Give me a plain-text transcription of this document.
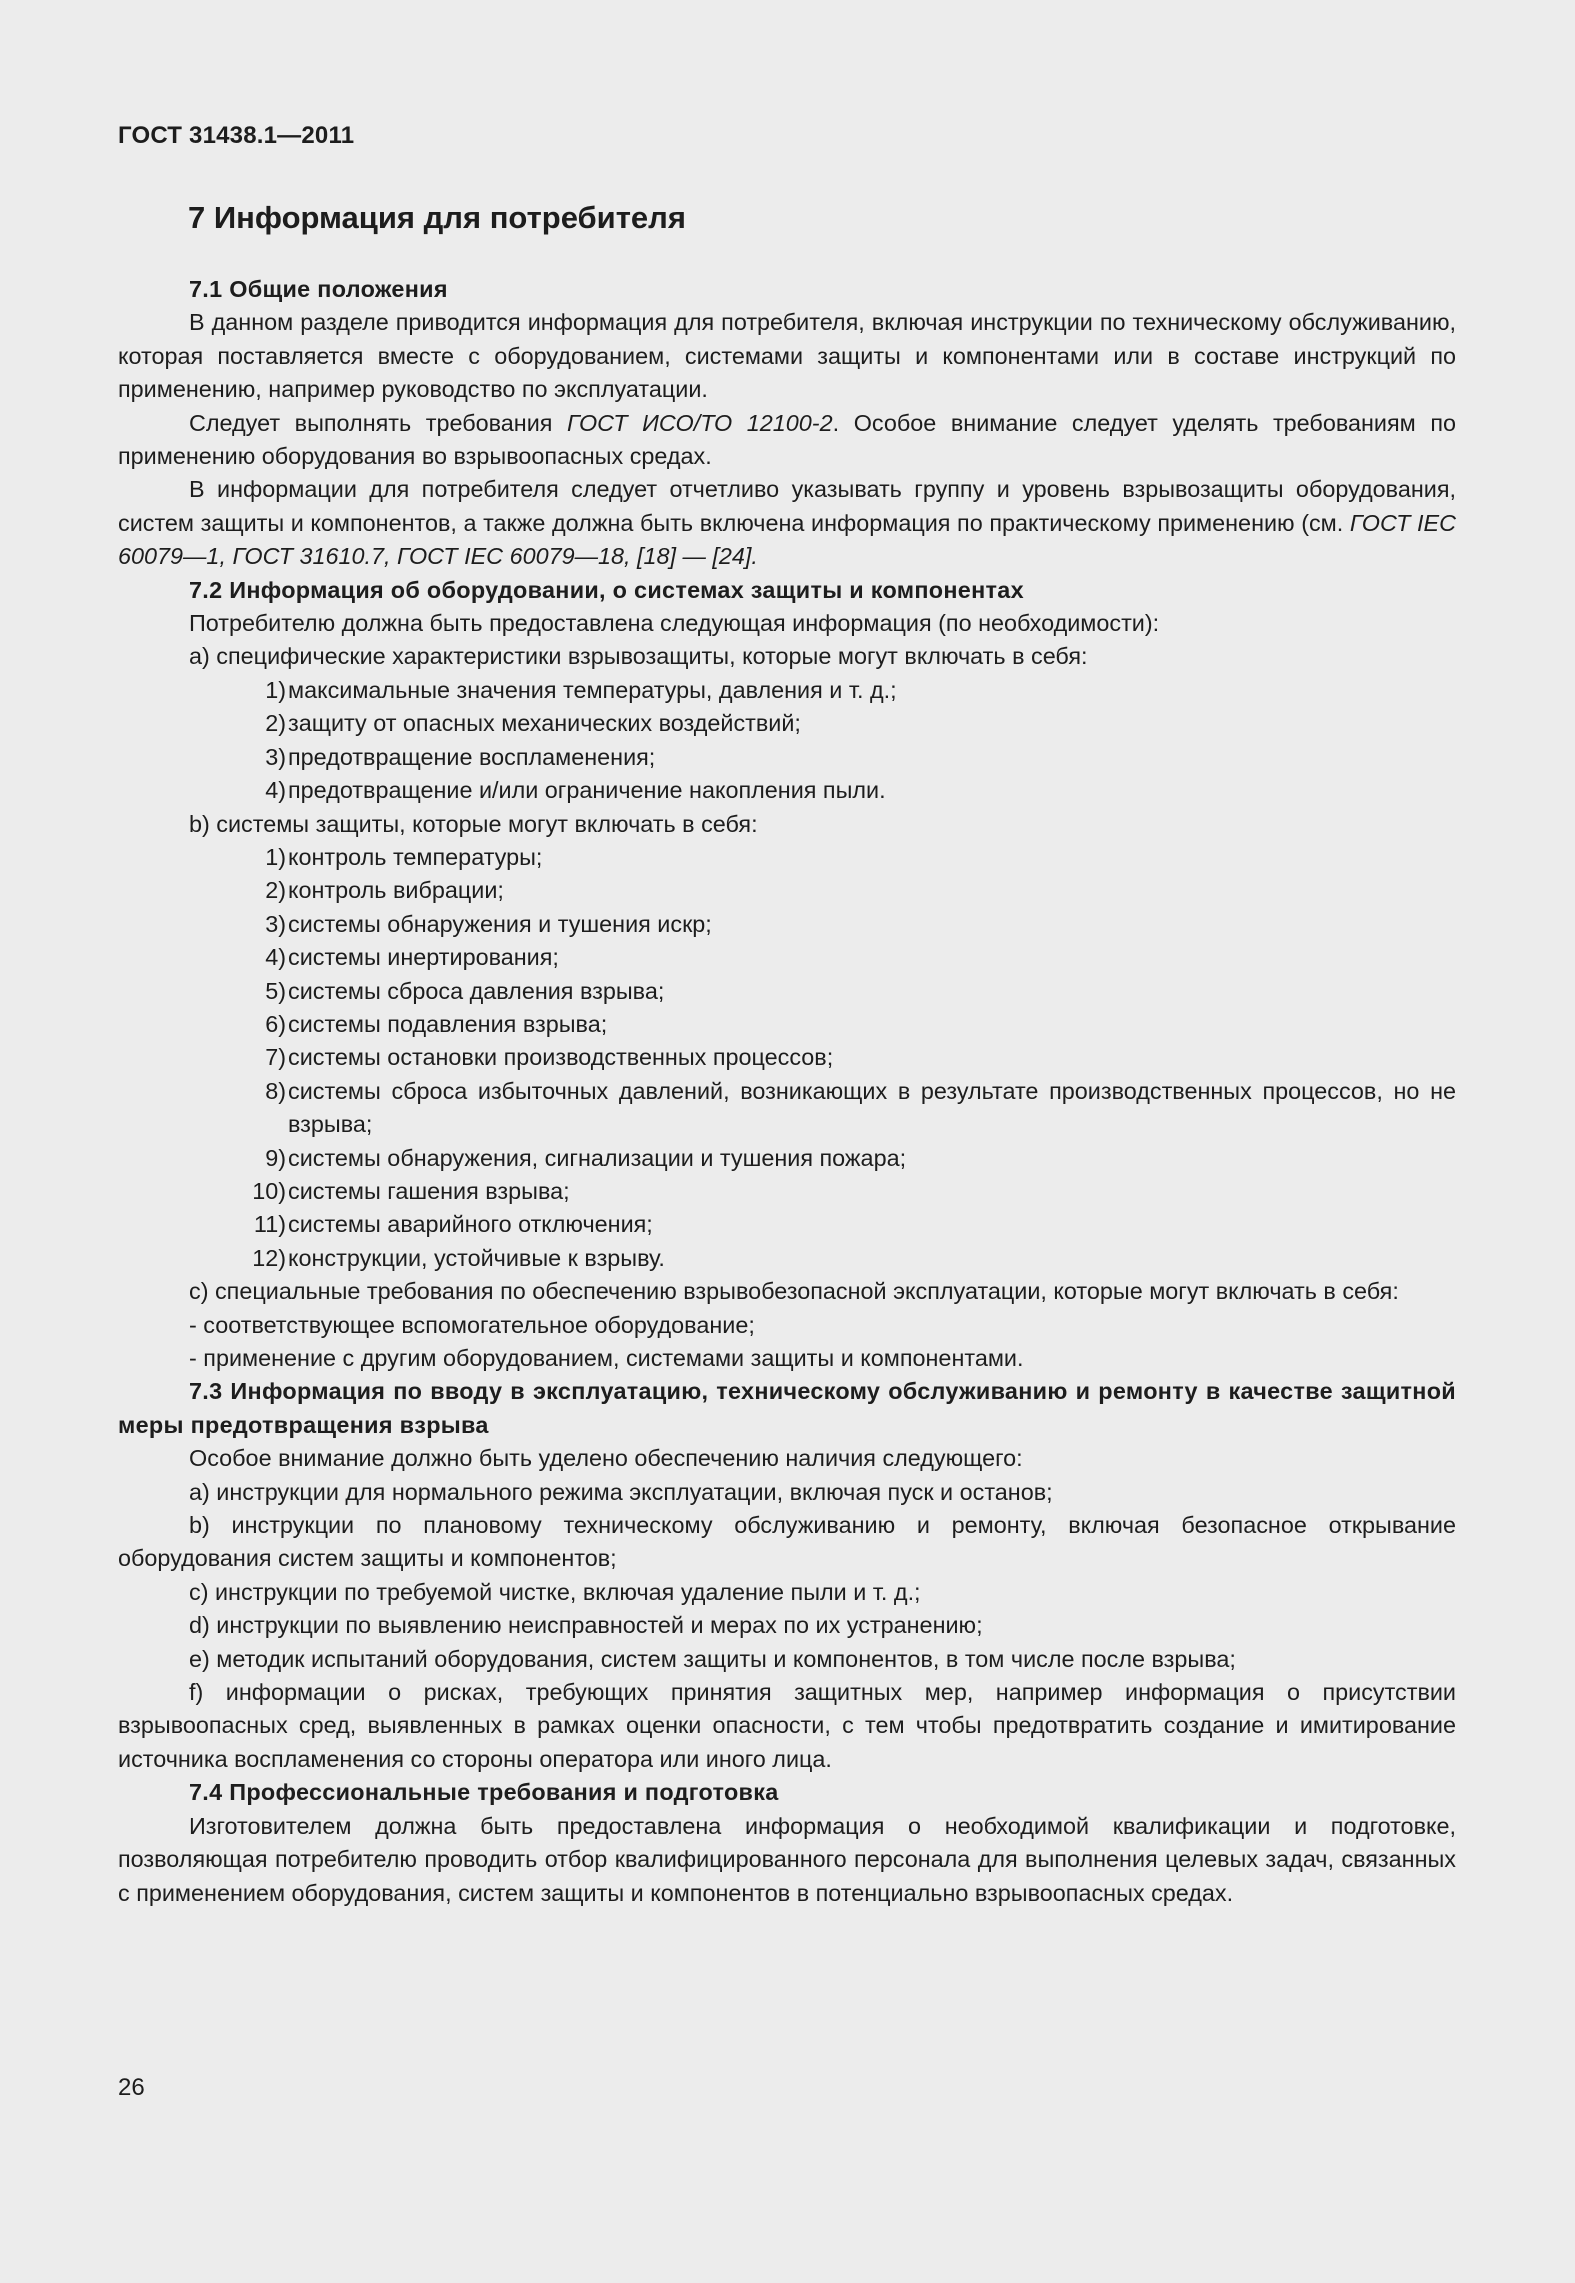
ГОСТ 31438.1—2011
7 Информация для потребителя

7.1 Общие положения

В данном разделе приводится информация для потребителя, включая инструкции по техническому обслуживанию, которая поставляется вместе с оборудованием, системами защиты и компонентами или в составе инструкций по применению, например руководство по эксплуатации.

Следует выполнять требования ГОСТ ИСО/ТО 12100-2. Особое внимание следует уделять требованиям по применению оборудования во взрывоопасных средах.

В информации для потребителя следует отчетливо указывать группу и уровень взрывозащиты оборудования, систем защиты и компонентов, а также должна быть включена информация по практическому применению (см. ГОСТ IEC 60079—1, ГОСТ 31610.7, ГОСТ IEC 60079—18, [18] — [24].

7.2 Информация об оборудовании, о системах защиты и компонентах

Потребителю должна быть предоставлена следующая информация (по необходимости):

а) специфические характеристики взрывозащиты, которые могут включать в себя:

1) максимальные значения температуры, давления и т. д.;

2) защиту от опасных механических воздействий;

3) предотвращение воспламенения;

4) предотвращение и/или ограничение накопления пыли.

b) системы защиты, которые могут включать в себя:

1) контроль температуры;

2) контроль вибрации;

3) системы обнаружения и тушения искр;

4) системы инертирования;

5) системы сброса давления взрыва;

6) системы подавления взрыва;

7) системы остановки производственных процессов;

8) системы сброса избыточных давлений, возникающих в результате производственных процессов, но не взрыва;

9) системы обнаружения, сигнализации и тушения пожара;

10) системы гашения взрыва;

11) системы аварийного отключения;

12) конструкции, устойчивые к взрыву.

с) специальные требования по обеспечению взрывобезопасной эксплуатации, которые могут включать в себя:

- соответствующее вспомогательное оборудование;

- применение с другим оборудованием, системами защиты и компонентами.

7.3 Информация по вводу в эксплуатацию, техническому обслуживанию и ремонту в качестве защитной меры предотвращения взрыва

Особое внимание должно быть уделено обеспечению наличия следующего:

а) инструкции для нормального режима эксплуатации, включая пуск и останов;

b) инструкции по плановому техническому обслуживанию и ремонту, включая безопасное открывание оборудования систем защиты и компонентов;

с) инструкции по требуемой чистке, включая удаление пыли и т. д.;

d) инструкции по выявлению неисправностей и мерах по их устранению;

е) методик испытаний оборудования, систем защиты и компонентов, в том числе после взрыва;

f) информации о рисках, требующих принятия защитных мер, например информация о присутствии взрывоопасных сред, выявленных в рамках оценки опасности, с тем чтобы предотвратить создание и имитирование источника воспламенения со стороны оператора или иного лица.

7.4 Профессиональные требования и подготовка

Изготовителем должна быть предоставлена информация о необходимой квалификации и подготовке, позволяющая потребителю проводить отбор квалифицированного персонала для выполнения целевых задач, связанных с применением оборудования, систем защиты и компонентов в потенциально взрывоопасных средах.

26
